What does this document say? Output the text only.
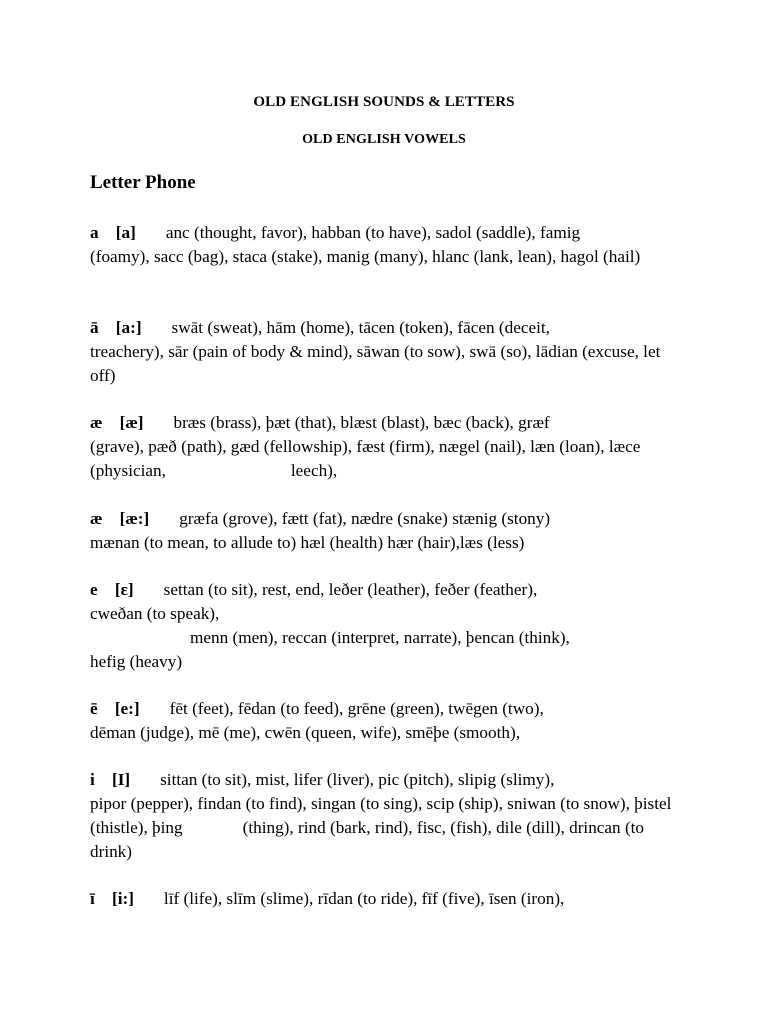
OLD ENGLISH SOUNDS & LETTERS
OLD ENGLISH VOWELS
Letter Phone
a [a] anc (thought, favor), habban (to have), sadol (saddle), famig

(foamy), sacc (bag), staca (stake), manig (many), hlanc (lank, lean), hagol (hail)

ā [a:] swāt (sweat), hām (home), tācen (token), fācen (deceit,

treachery), sār (pain of body & mind), sāwan (to sow), swā (so), lādian (excuse, let off)

æ [æ] bræs (brass), þæt (that), blæst (blast), bæc (back), græf

(grave), pæð (path), gæd (fellowship), fæst (firm), nægel (nail), læn (loan), læce (physician,	leech),

æ [æ:] græfa (grove), fætt (fat), nædre (snake) stænig (stony)

mænan (to mean, to allude to) hæl (health) hær (hair),læs (less)

e [ɛ] settan (to sit), rest, end, leðer (leather), feðer (feather),

cweðan (to speak),

menn (men), reccan (interpret, narrate), þencan (think),

hefig (heavy)

ē [e:] fēt (feet), fēdan (to feed), grēne (green), twēgen (two),

dēman (judge), mē (me), cwēn (queen, wife), smēþe (smooth),

i [I] sittan (to sit), mist, lifer (liver), pic (pitch), slipig (slimy),

pipor (pepper), findan (to find), singan (to sing), scip (ship), sniwan (to snow), þistel (thistle), þing	(thing), rind (bark, rind), fisc, (fish), dile (dill), drincan (to drink)

ī [i:] līf (life), slīm (slime), rīdan (to ride), fīf (five), īsen (iron),
